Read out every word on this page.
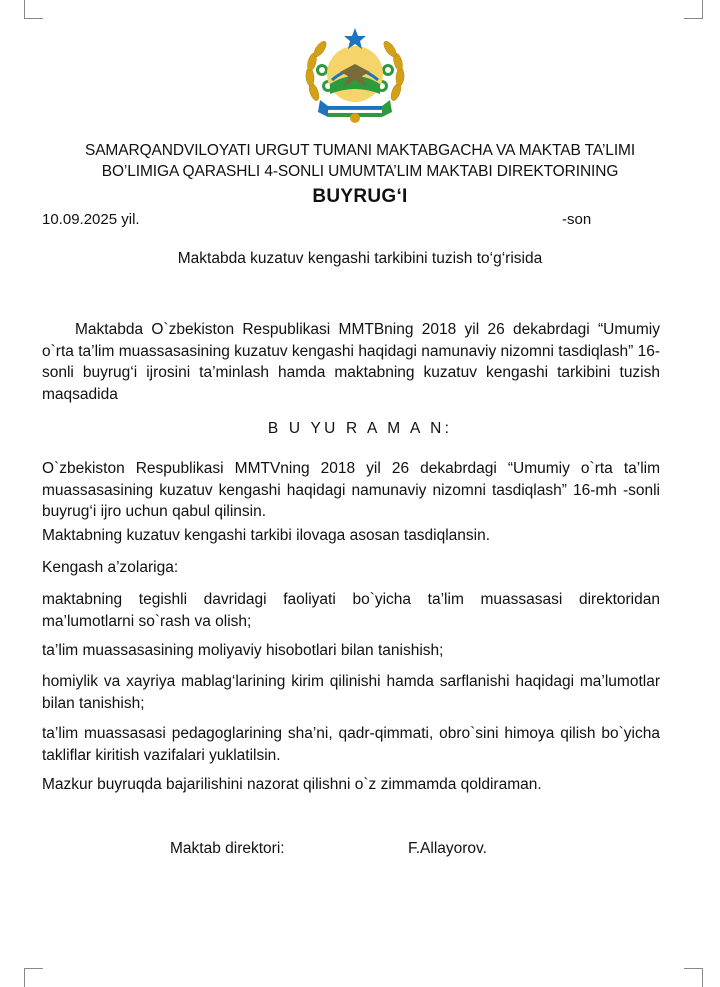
SAMARQANDVILOYATI URGUT TUMANI MAKTABGACHA VA MAKTAB TA’LIMI
BO’LIMIGA QARASHLI 4-SONLI UMUMTA’LIM MAKTABI DIREKTORINING
BUYRUG‘I
10.09.2025 yil.	-son
Maktabda kuzatuv kengashi tarkibini tuzish to‘g‘risida
Maktabda O`zbekiston Respublikasi MMTBning 2018 yil 26 dekabrdagi “Umumiy o`rta ta’lim muassasasining kuzatuv kengashi haqidagi namunaviy nizomni tasdiqlash” 16-sonli buyrug‘i ijrosini ta’minlash hamda maktabning kuzatuv kengashi tarkibini tuzish maqsadida
B U YU R A M A N:
O`zbekiston Respublikasi MMTVning 2018 yil 26 dekabrdagi “Umumiy o`rta ta’lim muassasasining kuzatuv kengashi haqidagi namunaviy nizomni tasdiqlash” 16-mh -sonli buyrug‘i ijro uchun qabul qilinsin.
Maktabning kuzatuv kengashi tarkibi ilovaga asosan tasdiqlansin.
Kengash a’zolariga:
maktabning tegishli davridagi faoliyati bo`yicha ta’lim muassasasi direktoridan ma’lumotlarni so`rash va olish;
ta’lim muassasasining moliyaviy hisobotlari bilan tanishish;
homiylik va xayriya mablag‘larining kirim qilinishi hamda sarflanishi haqidagi ma’lumotlar bilan tanishish;
ta’lim muassasasi pedagoglarining sha’ni, qadr-qimmati, obro`sini himoya qilish bo`yicha takliflar kiritish vazifalari yuklatilsin.
Mazkur buyruqda bajarilishini nazorat qilishni o`z zimmamda qoldiraman.
Maktab direktori:	F.Allayorov.
